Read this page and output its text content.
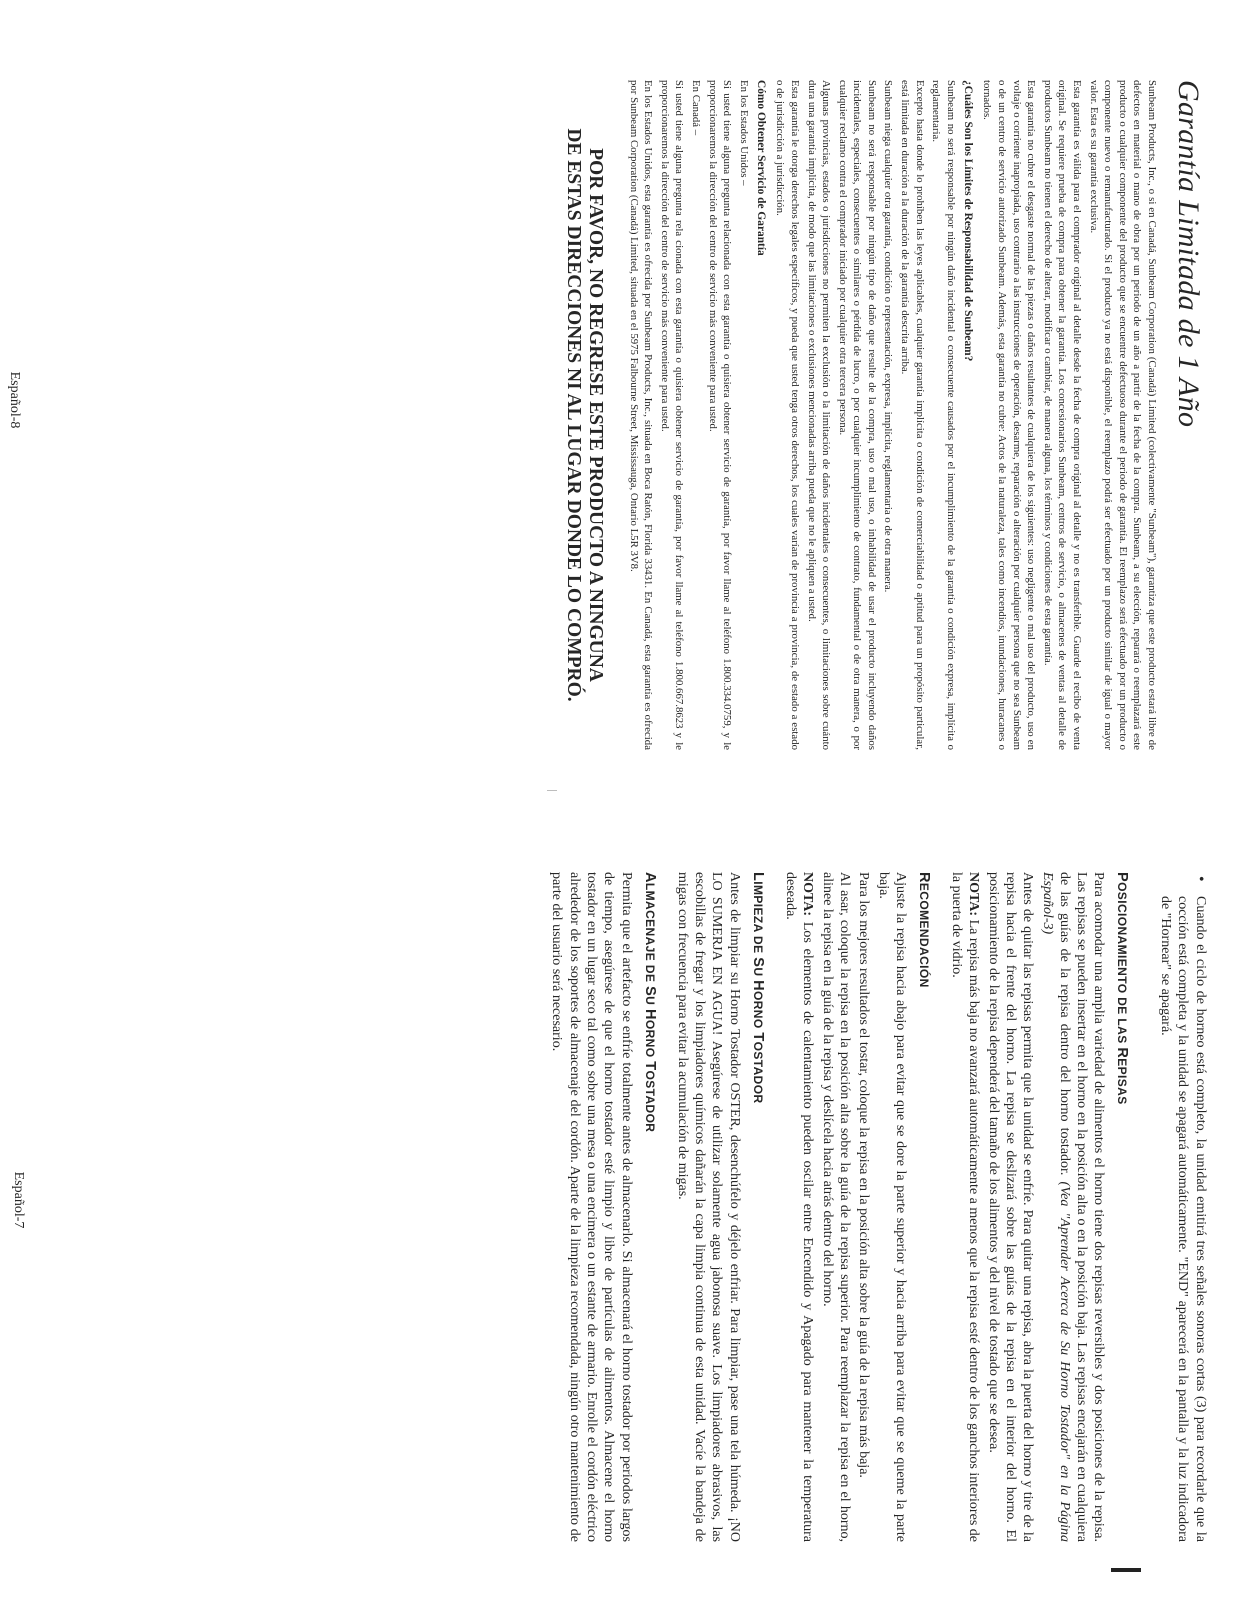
Garantía Limitada de 1 Año

Sunbeam Products, Inc., o si en Canadá, Sunbeam Corporation (Canadá) Limited (colectivamente "Sunbeam"), garantiza que este producto estará libre de defectos en material o mano de obra por un periodo de un año a partir de la fecha de la compra. Sunbeam, a su elección, reparará o reemplazará este producto o cualquier componente del producto que se encuentre defectuoso durante el periodo de garantía. El reemplazo será efectuado por un producto o componente nuevo o remanufacturado. Si el producto ya no está disponible, el reemplazo podrá ser efectuado por un producto similar de igual o mayor valor. Esta es su garantía exclusiva.

Esta garantía es válida para el comprador original al detalle desde la fecha de compra original al detalle y no es transferible. Guarde el recibo de venta original. Se requiere prueba de compra para obtener la garantía. Los concesionarios Sunbeam, centros de servicio, o almacenes de ventas al detalle de productos Sunbeam no tienen el derecho de alterar, modificar o cambiar, de manera alguna, los términos y condiciones de esta garantía.

Esta garantía no cubre el desgaste normal de las piezas o daños resultantes de cualquiera de los siguientes: uso negligente o mal uso del producto, uso en voltaje o corriente inapropiada, uso contrario a las instrucciones de operación, desarme, reparación o alteración por cualquier persona que no sea Sunbeam o de un centro de servicio autorizado Sunbeam. Además, esta garantía no cubre: Actos de la naturaleza, tales como incendios, inundaciones, huracanes o tornados.

¿Cuáles Son los Límites de Responsabilidad de Sunbeam?

Sunbeam no será responsable por ningún daño incidental o consecuente causados por el incumplimiento de la garantía o condición expresa, implícita o reglamentaria.

Excepto hasta donde lo prohíben las leyes aplicables, cualquier garantía implícita o condición de comerciabilidad o aptitud para un propósito particular, está limitada en duración a la duración de la garantía descrita arriba.

Sunbeam niega cualquier otra garantía, condición o representación, expresa, implícita, reglamentaria o de otra manera.

Sunbeam no será responsable por ningún tipo de daño que resulte de la compra, uso o mal uso, o inhabilidad de usar el producto incluyendo daños incidentales, especiales, consecuentes o similares o pérdida de lucro, o por cualquier incumplimiento de contrato, fundamental o de otra manera, o por cualquier reclamo contra el comprador iniciado por cualquier otra tercera persona.

Algunas provincias, estados o jurisdicciones no permiten la exclusión o la limitación de daños incidentales o consecuentes, o limitaciones sobre cuánto dura una garantía implícita, de modo que las limitaciones o exclusiones mencionadas arriba pueda que no le apliquen a usted.

Esta garantía le otorga derechos legales específicos, y pueda que usted tenga otros derechos, los cuales varían de provincia a provincia, de estado a estado o de jurisdicción a jurisdicción.

Cómo Obtener Servicio de Garantía

En los Estados Unidos –

Si usted tiene alguna pregunta relacionada con esta garantía o quisiera obtener servicio de garantía, por favor llame al teléfono 1.800.334.0759, y le proporcionaremos la dirección del centro de servicio más conveniente para usted.

En Canadá –

Si usted tiene alguna pregunta rela cionada con esta garantía o quisiera obtener servicio de garantía, por favor llame al teléfono 1.800.667.8623 y le proporcionaremos la dirección del centro de servicio más conveniente para usted.

En los Estados Unidos, esta garantía es ofrecida por Sunbeam Products, Inc., situada en Boca Ratón, Florida 33431. En Canadá, esta garantía es ofrecida por Sunbeam Corporation (Canadá) Limited, situada en el 5975 Falbourne Street, Mississauga, Ontario L5R 3V8.

POR FAVOR, NO REGRESE ESTE PRODUCTO A NINGUNA
DE ESTAS DIRECCIONES NI AL LUGAR DONDE LO COMPRÓ.
Español-8

• Cuando el ciclo de horneo está completo, la unidad emitirá tres señales sonoras cortas (3) para recordarle que la cocción está completa y la unidad se apagará automáticamente. "END" aparecerá en la pantalla y la luz indicadora de "Hornear" se apagará.

POSICIONAMIENTO DE LAS REPISAS

Para acomodar una amplia variedad de alimentos el horno tiene dos repisas reversibles y dos posiciones de la repisa. Las repisas se pueden insertar en el horno en la posición alta o en la posición baja. Las repisas encajarán en cualquiera de las guías de la repisa dentro del horno tostador. (Vea "Aprender Acerca de Su Horno Tostador" en la Página Español-3)

Antes de quitar las repisas permita que la unidad se enfríe. Para quitar una repisa, abra la puerta del horno y tire de la repisa hacia el frente del horno. La repisa se deslizará sobre las guías de la repisa en el interior del horno. El posicionamiento de la repisa dependerá del tamaño de los alimentos y del nivel de tostado que se desea.

NOTA: La repisa más baja no avanzará automáticamente a menos que la repisa esté dentro de los ganchos interiores de la puerta de vidrio.

RECOMENDACIÓN

Ajuste la repisa hacia abajo para evitar que se dore la parte superior y hacia arriba para evitar que se queme la parte baja.

Para los mejores resultados el tostar, coloque la repisa en la posición alta sobre la guía de la repisa más baja.

Al asar, coloque la repisa en la posición alta sobre la guía de la repisa superior. Para reemplazar la repisa en el horno, alinee la repisa en la guía de la repisa y deslícela hacia atrás dentro del horno.

NOTA: Los elementos de calentamiento pueden oscilar entre Encendido y Apagado para mantener la temperatura deseada.

LIMPIEZA DE SU HORNO TOSTADOR

Antes de limpiar su Horno Tostador OSTER, desenchúfelo y déjelo enfriar. Para limpiar, pase una tela húmeda. ¡NO LO SUMERJA EN AGUA! Asegúrese de utilizar solamente agua jabonosa suave. Los limpiadores abrasivos, las escobillas de fregar y los limpiadores químicos dañarán la capa limpia continua de esta unidad. Vacíe la bandeja de migas con frecuencia para evitar la acumulación de migas.

ALMACENAJE DE SU HORNO TOSTADOR

Permita que el artefacto se enfríe totalmente antes de almacenarlo. Si almacenará el horno tostador por periodos largos de tiempo, asegúrese de que el horno tostador esté limpio y libre de partículas de alimentos. Almacene el horno tostador en un lugar seco tal como sobre una mesa o una encimera o un estante de armario. Enrolle el cordón eléctrico alrededor de los soportes de almacenaje del cordón. Aparte de la limpieza recomendada, ningún otro mantenimiento de parte del usuario será necesario.

Español-7
